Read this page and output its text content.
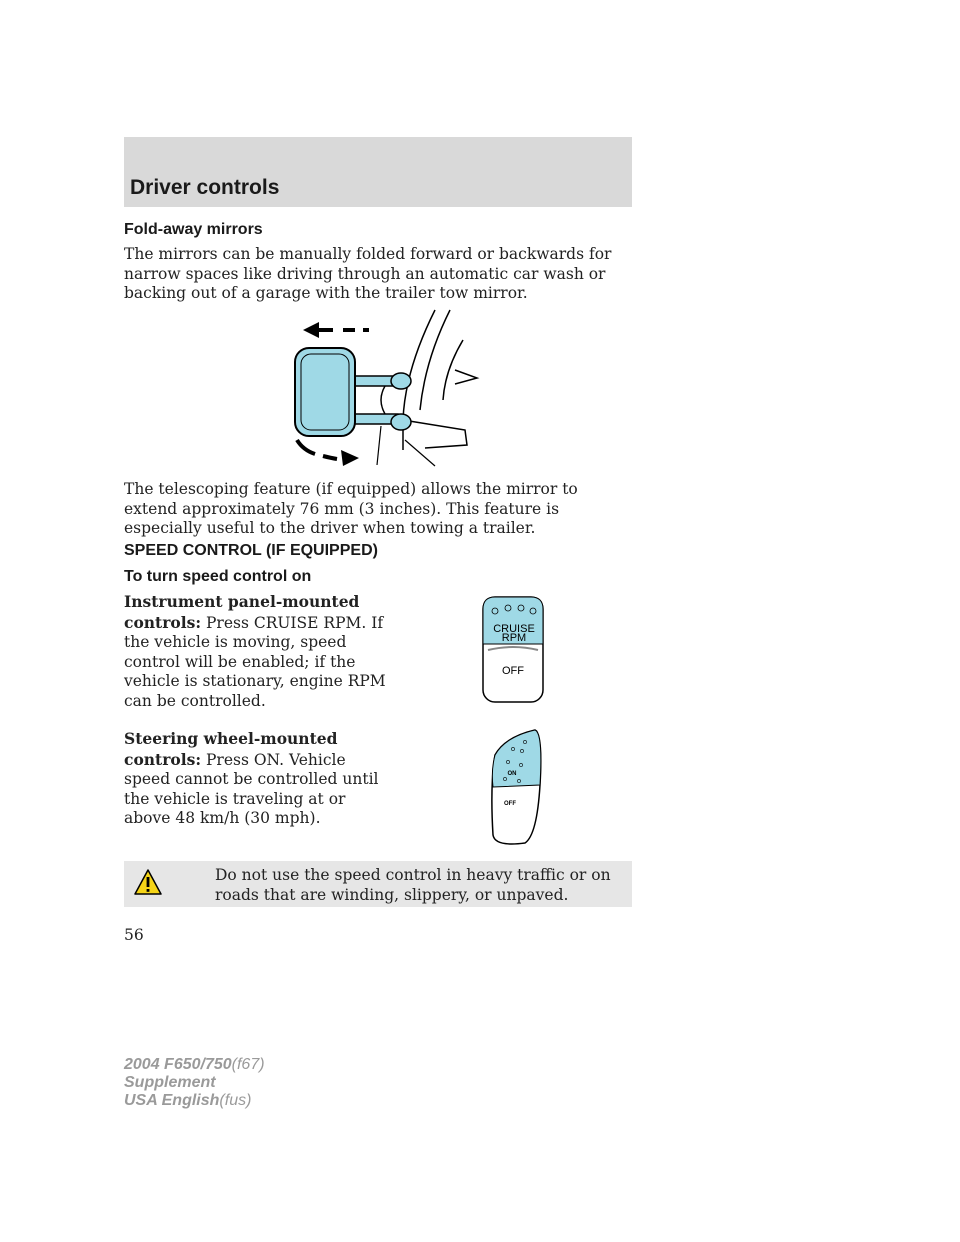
Driver controls
Fold-away mirrors
The mirrors can be manually folded forward or backwards for narrow spaces like driving through an automatic car wash or backing out of a garage with the trailer tow mirror.
The telescoping feature (if equipped) allows the mirror to extend approximately 76 mm (3 inches). This feature is especially useful to the driver when towing a trailer.
SPEED CONTROL (IF EQUIPPED)
To turn speed control on
Instrument panel-mounted controls: Press CRUISE RPM. If the vehicle is moving, speed control will be enabled; if the vehicle is stationary, engine RPM can be controlled.
CRUISE
RPM
OFF
Steering wheel-mounted controls: Press ON. Vehicle speed cannot be controlled until the vehicle is traveling at or above 48 km/h (30 mph).
ON
OFF
Do not use the speed control in heavy traffic or on roads that are winding, slippery, or unpaved.
56
2004 F650/750(f67)
Supplement
USA English(fus)
